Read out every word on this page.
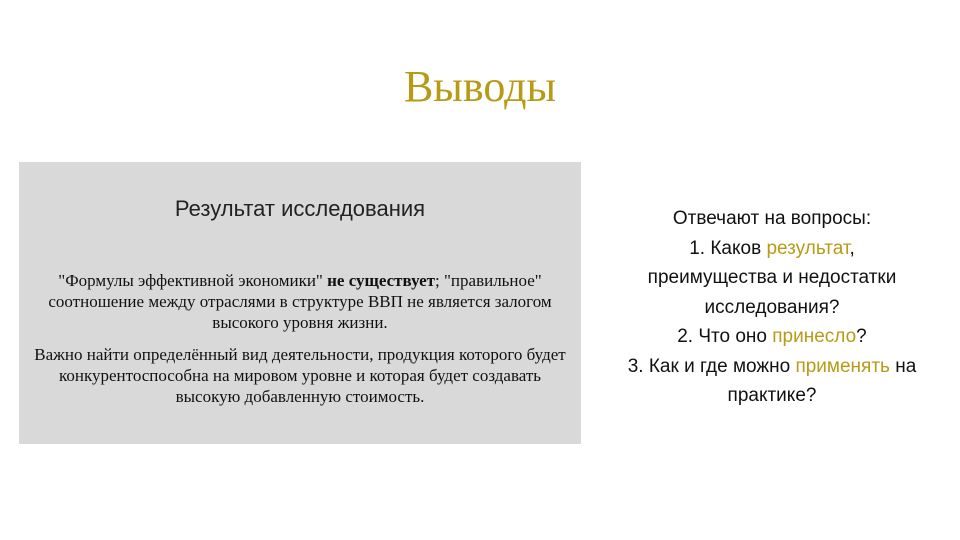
Выводы
Результат исследования
"Формулы эффективной экономики" не существует; "правильное" соотношение между отраслями в структуре ВВП не является залогом высокого уровня жизни.
Важно найти определённый вид деятельности, продукция которого будет конкурентоспособна на мировом уровне и которая будет создавать высокую добавленную стоимость.
Отвечают на вопросы:
1. Каков результат,
преимущества и недостатки
исследования?
2. Что оно принесло?
3. Как и где можно применять на
практике?
